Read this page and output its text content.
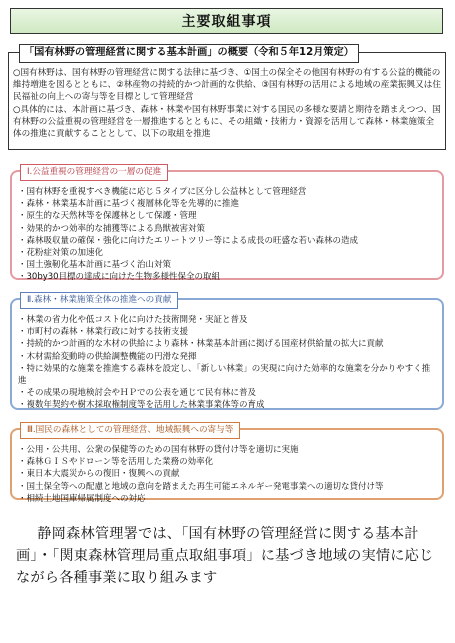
主要取組事項
「国有林野の管理経営に関する基本計画」の概要（令和５年12月策定）

○国有林野は、国有林野の管理経営に関する法律に基づき、①国土の保全その他国有林野の有する公益的機能の維持増進を図るとともに、②林産物の持続的かつ計画的な供給、③国有林野の活用による地域の産業振興又は住民福祉の向上への寄与等を目標として管理経営

○具体的には、本計画に基づき、森林・林業や国有林野事業に対する国民の多様な要請と期待を踏まえつつ、国有林野の公益重視の管理経営を一層推進するとともに、その組織・技術力・資源を活用して森林・林業施策全体の推進に貢献することとして、以下の取組を推進

Ⅰ.公益重視の管理経営の一層の促進
・国有林野を重視すべき機能に応じ５タイプに区分し公益林として管理経営
・森林・林業基本計画に基づく複層林化等を先導的に推進
・原生的な天然林等を保護林として保護・管理
・効果的かつ効率的な捕獲等による鳥獣被害対策
・森林吸収量の確保・強化に向けたエリートツリー等による成長の旺盛な若い森林の造成
・花粉症対策の加速化
・国土強靭化基本計画に基づく治山対策
・30by30目標の達成に向けた生物多様性保全の取組
Ⅱ.森林・林業施策全体の推進への貢献
・林業の省力化や低コスト化に向けた技術開発・実証と普及
・市町村の森林・林業行政に対する技術支援
・持続的かつ計画的な木材の供給により森林・林業基本計画に掲げる国産材供給量の拡大に貢献
・木材需給変動時の供給調整機能の円滑な発揮
・特に効果的な施業を推進する森林を設定し、「新しい林業」の実現に向けた効率的な施業を分かりやすく推進
・その成果の現地検討会やＨＰでの公表を通じて民有林に普及
・複数年契約や樹木採取権制度等を活用した林業事業体等の育成
Ⅲ.国民の森林としての管理経営、地域振興への寄与等
・公用・公共用、公衆の保健等のための国有林野の貸付け等を適切に実施
・森林ＧＩＳやドローン等を活用した業務の効率化
・東日本大震災からの復旧・復興への貢献
・国土保全等への配慮と地域の意向を踏まえた再生可能エネルギー発電事業への適切な貸付け等
・相続土地国庫帰属制度への対応
静岡森林管理署では、「国有林野の管理経営に関する基本計画」・「関東森林管理局重点取組事項」に基づき地域の実情に応じながら各種事業に取り組みます
